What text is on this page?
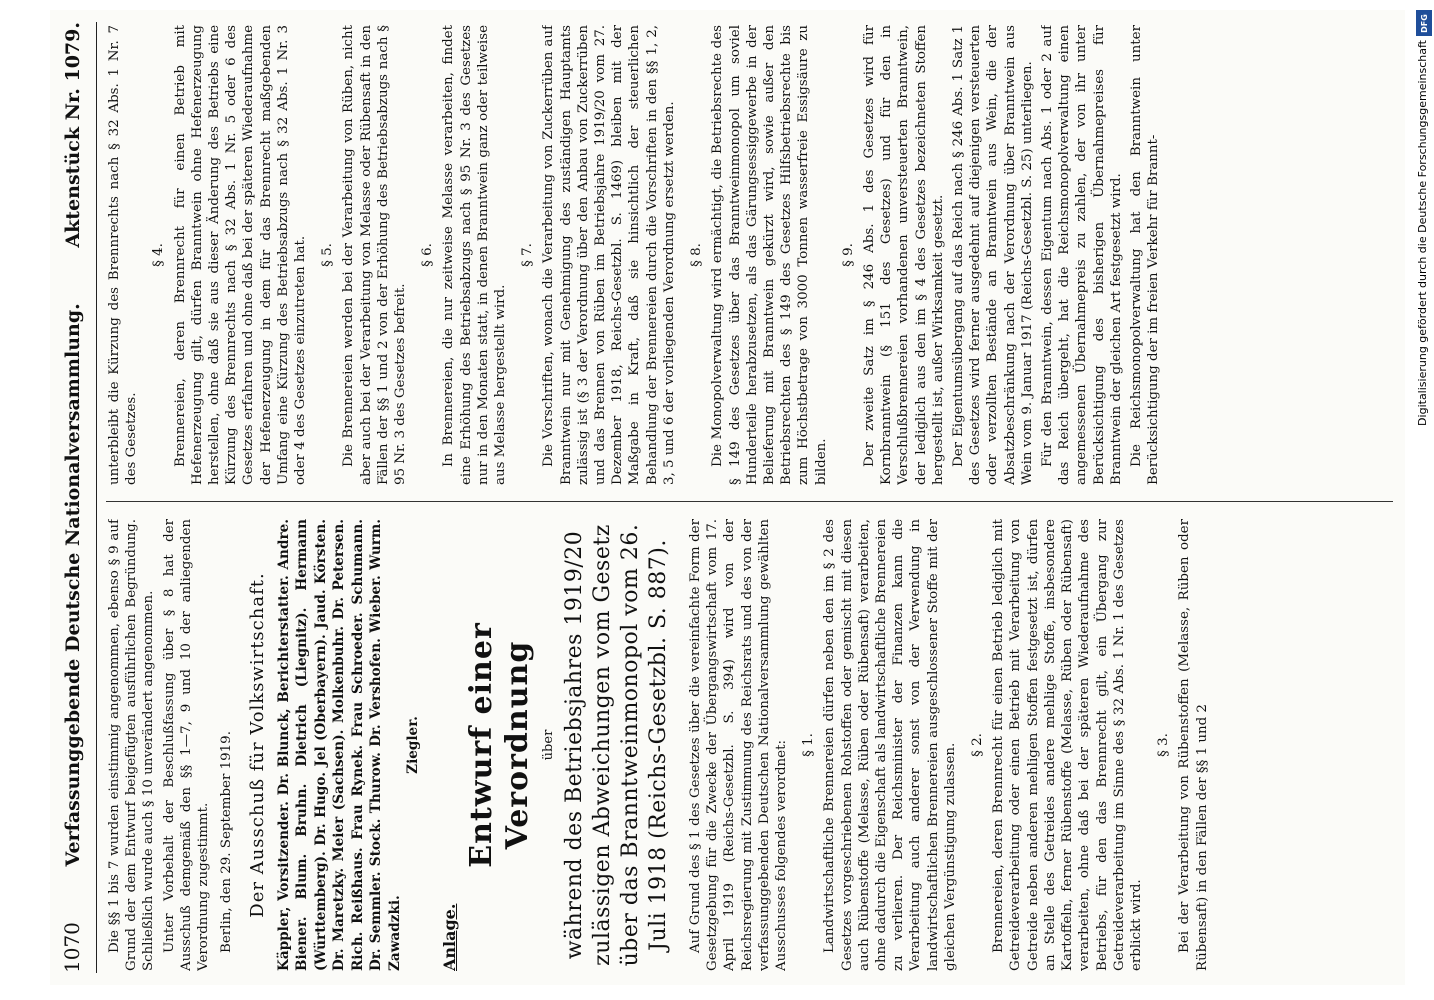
1070
Verfassunggebende Deutsche Nationalversammlung.
Aktenstück Nr. 1079.

Die §§ 1 bis 7 wurden einstimmig angenommen, ebenso § 9 auf Grund der dem Entwurf beigefügten ausführlichen Begründung. Schließlich wurde auch § 10 unverändert angenommen. Unter Vorbehalt der Beschlußfassung über § 8 hat der Ausschuß demgemäß den §§ 1—7, 9 und 10 der anliegenden Verordnung zugestimmt. Berlin, den 29. September 1919. Der Ausschuß für Volkswirtschaft. Käppler, Vorsitzender. Dr. Blunck, Berichterstatter. Andre. Biener. Blum. Bruhn. Dietrich (Liegnitz). Hermann (Württemberg). Dr. Hugo. Jel (Oberbayern). Jaud. Körsten. Dr. Maretzky. Meier (Sachsen). Molkenbuhr. Dr. Petersen. Rich. Reißhaus. Frau Rynek. Frau Schroeder. Schumann. Dr. Semmler. Stock. Thurow. Dr. Vershofen. Wieber. Wurm. Zawadzki.
Ziegler.
Anlage.
Entwurf einer Verordnung über während des Betriebsjahres 1919/20 zulässigen Abweichungen vom Gesetz über das Branntweinmonopol vom 26. Juli 1918 (Reichs-Gesetzbl. S. 887). Auf Grund des § 1 des Gesetzes über die vereinfachte Form der Gesetzgebung für die Zwecke der Übergangswirtschaft vom 17. April 1919 (Reichs-Gesetzbl. S. 394) wird von der Reichsregierung mit Zustimmung des Reichsrats und des von der verfassunggebenden Deutschen Nationalversammlung gewählten Ausschusses folgendes verordnet: § 1. Landwirtschaftliche Brennereien dürfen neben den im § 2 des Gesetzes vorgeschriebenen Rohstoffen oder gemischt mit diesen auch Rübenstoffe (Melasse, Rüben oder Rübensaft) verarbeiten, ohne dadurch die Eigenschaft als landwirtschaftliche Brennereien zu verlieren. Der Reichsminister der Finanzen kann die Verarbeitung auch anderer sonst von der Verwendung in landwirtschaftlichen Brennereien ausgeschlossener Stoffe mit der gleichen Vergünstigung zulassen. § 2. Brennereien, deren Brennrecht für einen Betrieb lediglich mit Getreideverarbeitung oder einen Betrieb mit Verarbeitung von Getreide neben anderen mehligen Stoffen festgesetzt ist, dürfen an Stelle des Getreides andere mehlige Stoffe, insbesondere Kartoffeln, ferner Rübenstoffe (Melasse, Rüben oder Rübensaft) verarbeiten, ohne daß bei der späteren Wiederaufnahme des Betriebs, für den das Brennrecht gilt, ein Übergang zur Getreideverarbeitung im Sinne des § 32 Abs. 1 Nr. 1 des Gesetzes erblickt wird.

§ 3. Bei der Verarbeitung von Rübenstoffen (Melasse, Rüben oder Rübensaft) in den Fällen der §§ 1 und 2

unterbleibt die Kürzung des Brennrechts nach § 32 Abs. 1 Nr. 7 des Gesetzes.

§ 4. Brennereien, deren Brennrecht für einen Betrieb mit Hefenerzeugung gilt, dürfen Branntwein ohne Hefenerzeugung herstellen, ohne daß sie aus dieser Änderung des Betriebs eine Kürzung des Brennrechts nach § 32 Abs. 1 Nr. 5 oder 6 des Gesetzes erfahren und ohne daß bei der späteren Wiederaufnahme der Hefenerzeugung in dem für das Brennrecht maßgebenden Umfang eine Kürzung des Betriebsabzugs nach § 32 Abs. 1 Nr. 3 oder 4 des Gesetzes einzutreten hat. § 5. Die Brennereien werden bei der Verarbeitung von Rüben, nicht aber auch bei der Verarbeitung von Melasse oder Rübensaft in den Fällen der §§ 1 und 2 von der Erhöhung des Betriebsabzugs nach § 95 Nr. 3 des Gesetzes befreit.

§ 6. In Brennereien, die nur zeitweise Melasse verarbeiten, findet eine Erhöhung des Betriebsabzugs nach § 95 Nr. 3 des Gesetzes nur in den Monaten statt, in denen Branntwein ganz oder teilweise aus Melasse hergestellt wird.

§ 7. Die Vorschriften, wonach die Verarbeitung von Zuckerrüben auf Branntwein nur mit Genehmigung des zuständigen Hauptamts zulässig ist (§ 3 der Verordnung über den Anbau von Zuckerrüben und das Brennen von Rüben im Betriebsjahre 1919/20 vom 27. Dezember 1918, Reichs-Gesetzbl. S. 1469) bleiben mit der Maßgabe in Kraft, daß sie hinsichtlich der steuerlichen Behandlung der Brennereien durch die Vorschriften in den §§ 1, 2, 3, 5 und 6 der vorliegenden Verordnung ersetzt werden. § 8. Die Monopolverwaltung wird ermächtigt, die Betriebsrechte des § 149 des Gesetzes über das Branntweinmonopol um soviel Hunderteile herabzusetzen, als das Gärungsessiggewerbe in der Belieferung mit Branntwein gekürzt wird, sowie außer den Betriebsrechten des § 149 des Gesetzes Hilfsbetriebsrechte bis zum Höchstbetrage von 3000 Tonnen wasserfreie Essigsäure zu bilden.

§ 9. Der zweite Satz im § 246 Abs. 1 des Gesetzes wird für Kornbranntwein (§ 151 des Gesetzes) und für den in Verschlußbrennereien vorhandenen unversteuerten Branntwein, der lediglich aus den im § 4 des Gesetzes bezeichneten Stoffen hergestellt ist, außer Wirksamkeit gesetzt. Der Eigentumsübergang auf das Reich nach § 246 Abs. 1 Satz 1 des Gesetzes wird ferner ausgedehnt auf diejenigen versteuerten oder verzollten Bestände an Branntwein aus Wein, die der Absatzbeschränkung nach der Verordnung über Branntwein aus Wein vom 9. Januar 1917 (Reichs-Gesetzbl. S. 25) unterliegen. Für den Branntwein, dessen Eigentum nach Abs. 1 oder 2 auf das Reich übergeht, hat die Reichsmonopolverwaltung einen angemessenen Übernahmepreis zu zahlen, der von ihr unter Berücksichtigung des bisherigen Übernahmepreises für Branntwein der gleichen Art festgesetzt wird. Die Reichsmonopolverwaltung hat den Branntwein unter Berücksichtigung der im freien Verkehr für Brannt-	Digitalisierung gefördert durch die Deutsche Forschungsgemeinschaft
DFG
